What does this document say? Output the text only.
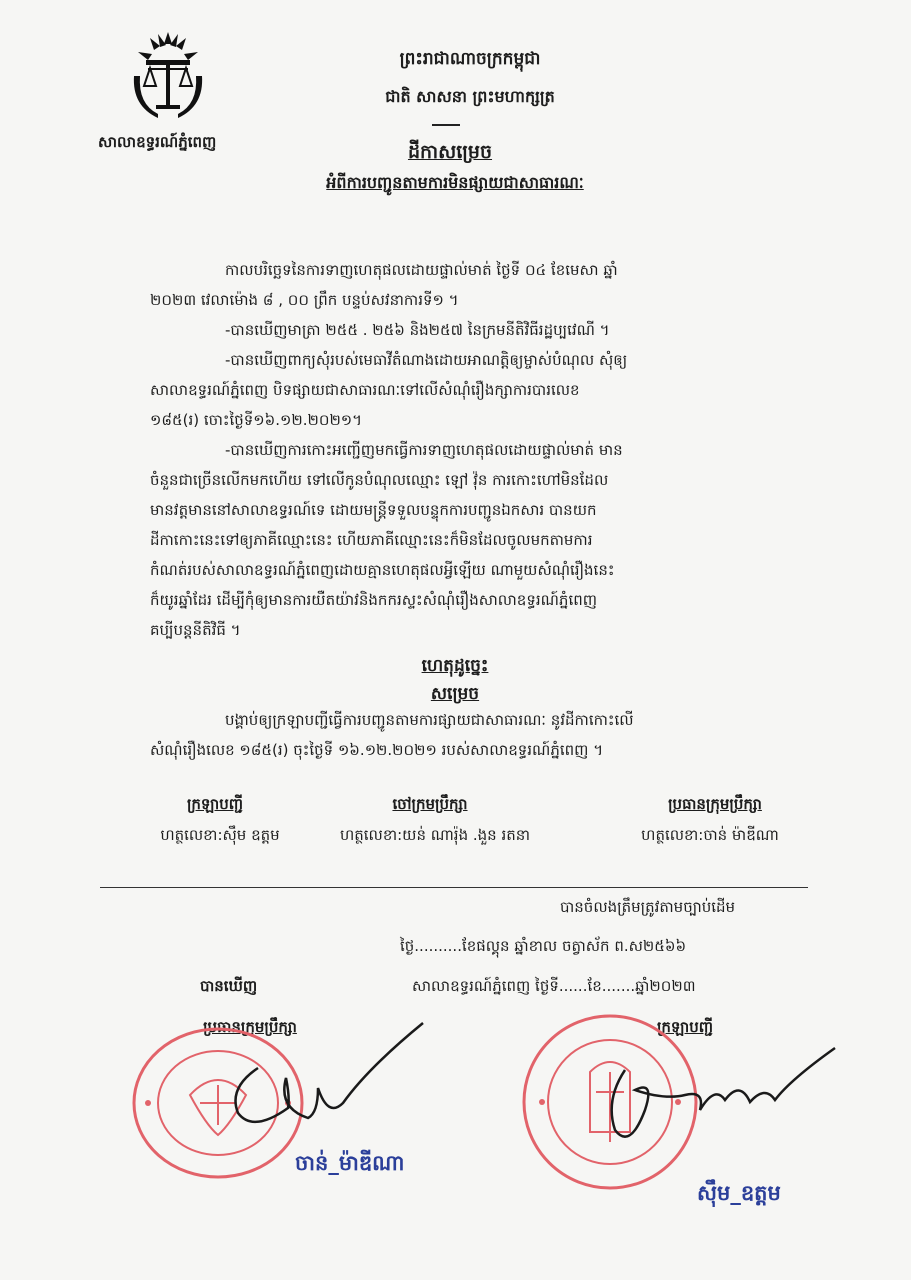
សាលាឧទ្ធរណ៍ភ្នំពេញ
ព្រះរាជាណាចក្រកម្ពុជា
ជាតិ សាសនា ព្រះមហាក្សត្រ
ដីកាសម្រេច
អំពីការបញ្ជូនតាមការមិនផ្សាយជាសាធារណៈ
កាលបរិច្ឆេទនៃការទាញហេតុផលដោយផ្ទាល់មាត់ ថ្ងៃទី ០៤ ខែមេសា ឆ្នាំ
២០២៣ វេលាម៉ោង ៨ , ០០ ព្រឹក បន្ទប់សវនាការទី១ ។
-បានឃើញមាត្រា ២៥៥ . ២៥៦ និង២៥៧ នៃក្រមនីតិវិធីរដ្ឋប្បវេណី ។
-បានឃើញពាក្យសុំរបស់មេធាវីតំណាងដោយអាណត្តិឲ្យម្ចាស់បំណុល សុំឲ្យ
សាលាឧទ្ធរណ៍ភ្នំពេញ បិទផ្សាយជាសាធារណៈទៅលើសំណុំរឿងក្សាការបារលេខ
១៨៥(រ) ចោះថ្ងៃទី១៦.១២.២០២១។
-បានឃើញការកោះអញ្ជើញមកធ្វើការទាញហេតុផលដោយផ្ទាល់មាត់ មាន
ចំនួនជាច្រើនលើកមកហើយ ទៅលើកូនបំណុលឈ្មោះ ឡៅ វ៉ុន ការកោះហៅមិនដែល
មានវត្តមាននៅសាលាឧទ្ធរណ៍ទេ ដោយមន្ត្រីទទួលបន្ទុកការបញ្ជូនឯកសារ បានយក
ដីកាកោះនេះទៅឲ្យភាគីឈ្មោះនេះ ហើយភាគីឈ្មោះនេះក៏មិនដែលចូលមកតាមការ
កំណត់របស់សាលាឧទ្ធរណ៍ភ្នំពេញដោយគ្មានហេតុផលអ្វីឡើយ ណាមួយសំណុំរឿងនេះ
ក៏យូរឆ្នាំដែរ ដើម្បីកុំឲ្យមានការយឺតយ៉ាវនិងកករស្ទះសំណុំរឿងសាលាឧទ្ធរណ៍ភ្នំពេញ
គប្បីបន្តនីតិវិធី ។
ហេតុដូច្នេះ
សម្រេច
បង្គាប់ឲ្យក្រឡាបញ្ជីធ្វើការបញ្ជូនតាមការផ្សាយជាសាធារណៈ នូវដីកាកោះលើ
សំណុំរឿងលេខ ១៨៥(រ) ចុះថ្ងៃទី ១៦.១២.២០២១ របស់សាលាឧទ្ធរណ៍ភ្នំពេញ ។
ក្រឡាបញ្ជី
ហត្ថលេខា:ស៊ឹម ឧត្តម
ចៅក្រមប្រឹក្សា
ហត្ថលេខា:យន់ ណារ៉ុង .ងួន រតនា
ប្រធានក្រុមប្រឹក្សា
ហត្ថលេខា:ចាន់ ម៉ាឌីណា
បានចំលងត្រឹមត្រូវតាមច្បាប់ដើម
ថ្ងៃ..........ខែផល្គុន ឆ្នាំខាល ចត្វាស័ក ព.ស២៥៦៦
បានឃើញ	សាលាឧទ្ធរណ៍ភ្នំពេញ ថ្ងៃទី......ខែ.......ឆ្នាំ២០២៣
ប្រធានក្រុមប្រឹក្សា	ក្រឡាបញ្ជី
ចាន់_ម៉ាឌីណា
ស៊ឹម_ឧត្តម
